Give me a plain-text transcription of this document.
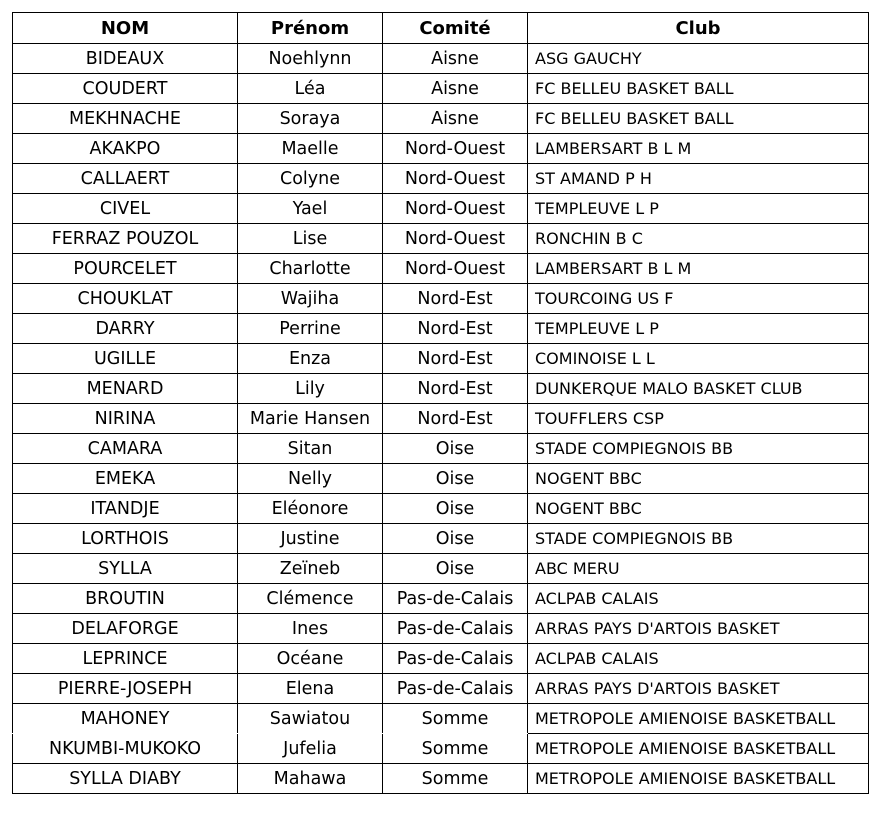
NOM	Prénom	Comité	Club
BIDEAUX	Noehlynn	Aisne	ASG GAUCHY
COUDERT	Léa	Aisne	FC BELLEU BASKET BALL
MEKHNACHE	Soraya	Aisne	FC BELLEU BASKET BALL
AKAKPO	Maelle	Nord-Ouest	LAMBERSART B L M
CALLAERT	Colyne	Nord-Ouest	ST AMAND P H
CIVEL	Yael	Nord-Ouest	TEMPLEUVE L P
FERRAZ POUZOL	Lise	Nord-Ouest	RONCHIN B C
POURCELET	Charlotte	Nord-Ouest	LAMBERSART B L M
CHOUKLAT	Wajiha	Nord-Est	TOURCOING US F
DARRY	Perrine	Nord-Est	TEMPLEUVE L P
UGILLE	Enza	Nord-Est	COMINOISE L L
MENARD	Lily	Nord-Est	DUNKERQUE MALO BASKET CLUB
NIRINA	Marie Hansen	Nord-Est	TOUFFLERS CSP
CAMARA	Sitan	Oise	STADE COMPIEGNOIS BB
EMEKA	Nelly	Oise	NOGENT BBC
ITANDJE	Eléonore	Oise	NOGENT BBC
LORTHOIS	Justine	Oise	STADE COMPIEGNOIS BB
SYLLA	Zeïneb	Oise	ABC MERU
BROUTIN	Clémence	Pas-de-Calais	ACLPAB CALAIS
DELAFORGE	Ines	Pas-de-Calais	ARRAS PAYS D'ARTOIS BASKET
LEPRINCE	Océane	Pas-de-Calais	ACLPAB CALAIS
PIERRE-JOSEPH	Elena	Pas-de-Calais	ARRAS PAYS D'ARTOIS BASKET
MAHONEY	Sawiatou	Somme	METROPOLE AMIENOISE BASKETBALL
NKUMBI-MUKOKO	Jufelia	Somme	METROPOLE AMIENOISE BASKETBALL
SYLLA DIABY	Mahawa	Somme	METROPOLE AMIENOISE BASKETBALL
